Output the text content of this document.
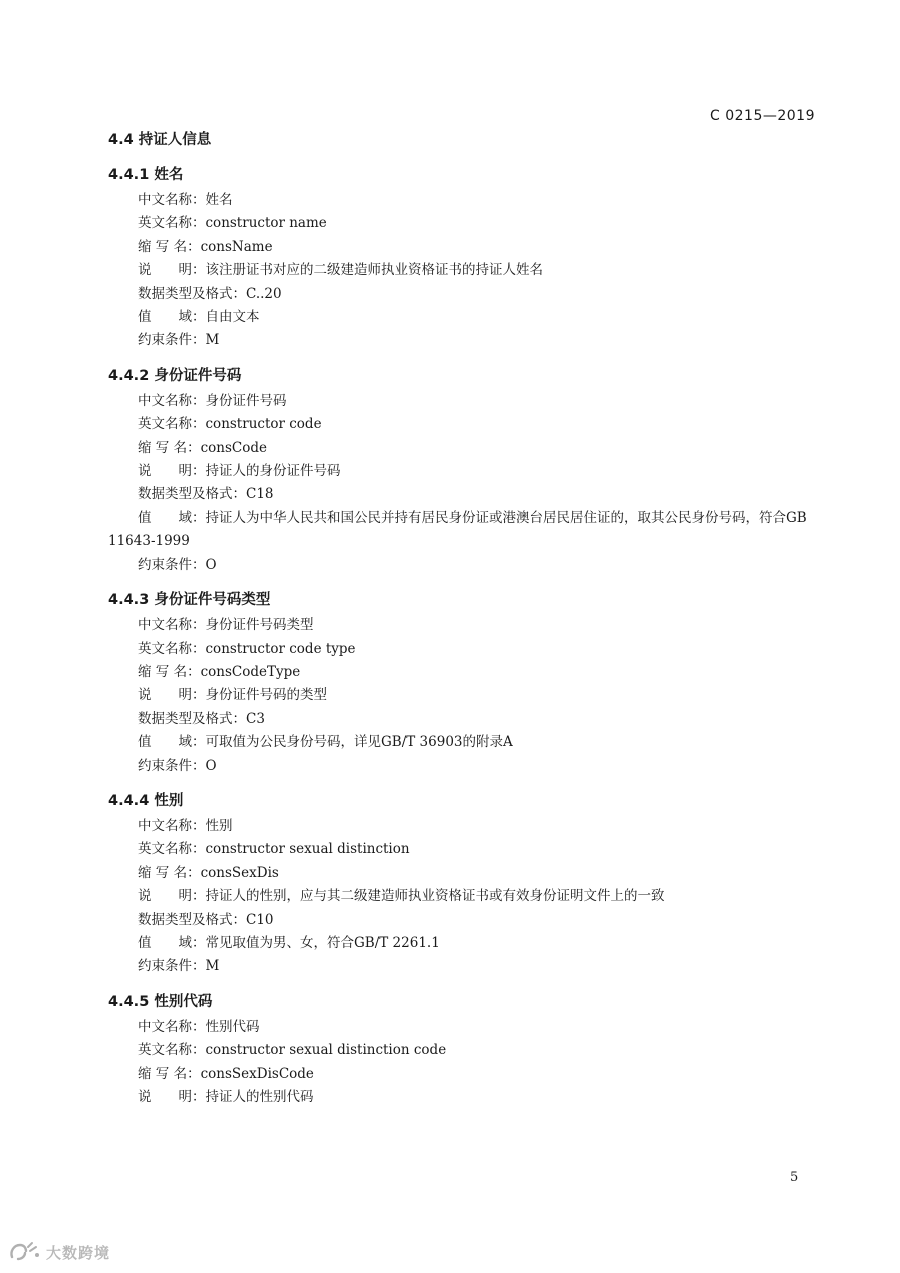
C 0215—2019
4.4 持证人信息
4.4.1 姓名
中文名称：姓名
英文名称：constructor name
缩 写 名：consName
说　　明：该注册证书对应的二级建造师执业资格证书的持证人姓名
数据类型及格式：C..20
值　　域：自由文本
约束条件：M
4.4.2 身份证件号码
中文名称：身份证件号码
英文名称：constructor code
缩 写 名：consCode
说　　明：持证人的身份证件号码
数据类型及格式：C18
值　　域：持证人为中华人民共和国公民并持有居民身份证或港澳台居民居住证的，取其公民身份号码，符合GB 11643-1999
约束条件：O
4.4.3 身份证件号码类型
中文名称：身份证件号码类型
英文名称：constructor code type
缩 写 名：consCodeType
说　　明：身份证件号码的类型
数据类型及格式：C3
值　　域：可取值为公民身份号码，详见GB/T 36903的附录A
约束条件：O
4.4.4 性别
中文名称：性别
英文名称：constructor sexual distinction
缩 写 名：consSexDis
说　　明：持证人的性别，应与其二级建造师执业资格证书或有效身份证明文件上的一致
数据类型及格式：C10
值　　域：常见取值为男、女，符合GB/T 2261.1
约束条件：M
4.4.5 性别代码
中文名称：性别代码
英文名称：constructor sexual distinction code
缩 写 名：consSexDisCode
说　　明：持证人的性别代码
5
大数跨境
